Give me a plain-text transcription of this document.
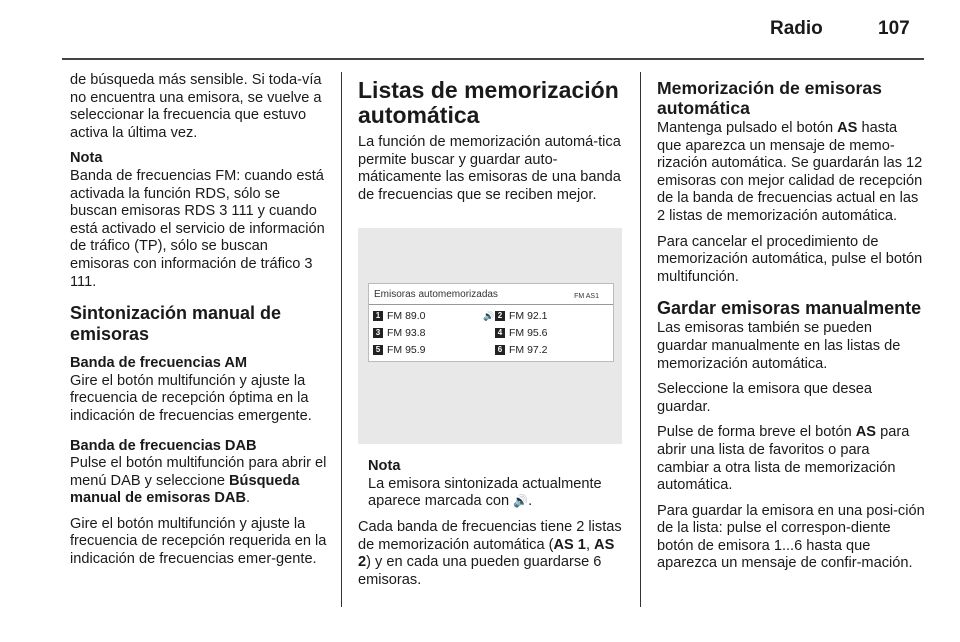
Radio	107

de búsqueda más sensible. Si toda-vía no encuentra una emisora, se vuelve a seleccionar la frecuencia que estuvo activa la última vez.

Nota

Banda de frecuencias FM: cuando está activada la función RDS, sólo se buscan emisoras RDS 3 111 y cuando está activado el servicio de información de tráfico (TP), sólo se buscan emisoras con información de tráfico 3 111.

Sintonización manual de emisoras
Banda de frecuencias AM

Gire el botón multifunción y ajuste la frecuencia de recepción óptima en la indicación de frecuencias emergente.

Banda de frecuencias DAB

Pulse el botón multifunción para abrir el menú DAB y seleccione Búsqueda manual de emisoras DAB.

Gire el botón multifunción y ajuste la frecuencia de recepción requerida en la indicación de frecuencias emer-gente.

Listas de memorización automática

La función de memorización automá-tica permite buscar y guardar auto-máticamente las emisoras de una banda de frecuencias que se reciben mejor.

Emisoras automemorizadas	FM AS1
1 FM 89.0	🔊 2 FM 92.1
3 FM 93.8	4 FM 95.6
5 FM 95.9	6 FM 97.2
Nota

La emisora sintonizada actualmente aparece marcada con 🔊.

Cada banda de frecuencias tiene 2 listas de memorización automática (AS 1, AS 2) y en cada una pueden guardarse 6 emisoras.

Memorización de emisoras automática

Mantenga pulsado el botón AS hasta que aparezca un mensaje de memo-rización automática. Se guardarán las 12 emisoras con mejor calidad de recepción de la banda de frecuencias actual en las 2 listas de memorización automática.

Para cancelar el procedimiento de memorización automática, pulse el botón multifunción.

Gardar emisoras manualmente

Las emisoras también se pueden guardar manualmente en las listas de memorización automática.

Seleccione la emisora que desea guardar.

Pulse de forma breve el botón AS para abrir una lista de favoritos o para cambiar a otra lista de memorización automática.

Para guardar la emisora en una posi-ción de la lista: pulse el correspon-diente botón de emisora 1...6 hasta que aparezca un mensaje de confir-mación.
